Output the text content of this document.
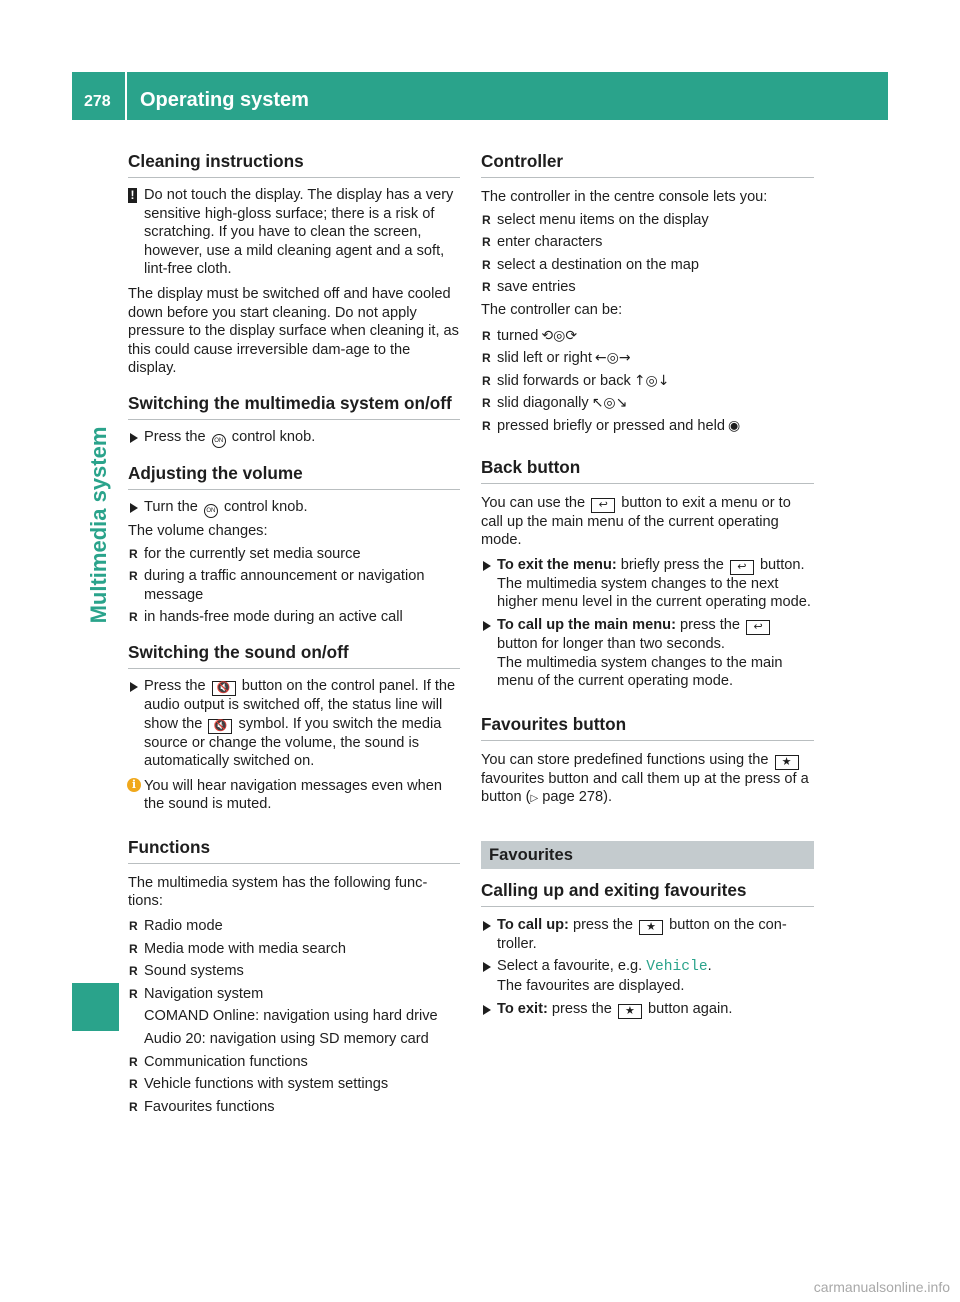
278 Operating system
Multimedia system
Cleaning instructions

! Do not touch the display. The display has a very sensitive high-gloss surface; there is a risk of scratching. If you have to clean the screen, however, use a mild cleaning agent and a soft, lint-free cloth.

The display must be switched off and have cooled down before you start cleaning. Do not apply pressure to the display surface when cleaning it, as this could cause irreversible dam-age to the display.

Switching the multimedia system on/off

Press the ON control knob.

Adjusting the volume

Turn the ON control knob.

The volume changes:

R for the currently set media source

R during a traffic announcement or navigation message

R in hands-free mode during an active call

Switching the sound on/off

Press the 🔇 button on the control panel. If the audio output is switched off, the status line will show the 🔇 symbol. If you switch the media source or change the volume, the sound is automatically switched on.

i You will hear navigation messages even when the sound is muted.

Functions

The multimedia system has the following func-tions:

R Radio mode

R Media mode with media search

R Sound systems

R Navigation system

COMAND Online: navigation using hard drive

Audio 20: navigation using SD memory card

R Communication functions

R Vehicle functions with system settings

R Favourites functions

Controller

The controller in the centre console lets you:

R select menu items on the display

R enter characters

R select a destination on the map

R save entries

The controller can be:

R turned ⟲◎⟳

R slid left or right ←◎→

R slid forwards or back ↑◎↓

R slid diagonally ↖◎↘

R pressed briefly or pressed and held ◉

Back button

You can use the ↩ button to exit a menu or to call up the main menu of the current operating mode.

To exit the menu: briefly press the ↩ button.

The multimedia system changes to the next higher menu level in the current operating mode.

To call up the main menu: press the ↩ button for longer than two seconds.

The multimedia system changes to the main menu of the current operating mode.

Favourites button

You can store predefined functions using the ★ favourites button and call them up at the press of a button (▷ page 278).

Favourites
Calling up and exiting favourites

To call up: press the ★ button on the con-troller.

Select a favourite, e.g. Vehicle.

The favourites are displayed.

To exit: press the ★ button again.

carmanualsonline.info
